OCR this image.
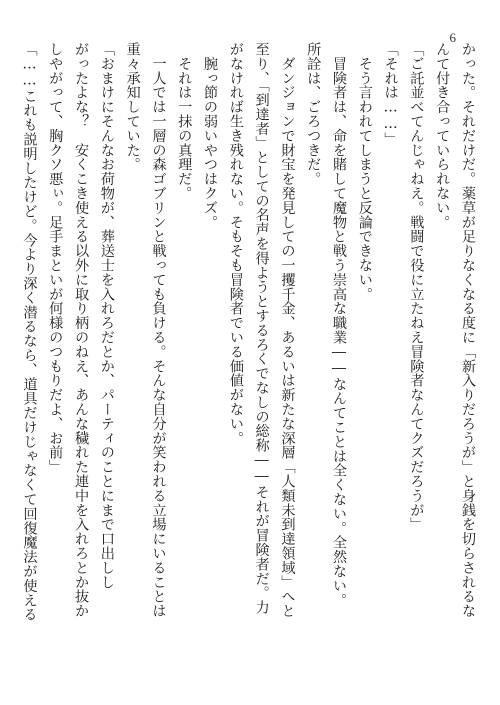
6
かった。それだけだ。薬草が足りなくなる度に「新入りだろうが」と身銭を切らされるな
んて付き合っていられない。
「ご託並べてんじゃねえ。戦闘で役に立たねえ冒険者なんてクズだろうが」
「それは……」
　そう言われてしまうと反論できない。
　冒険者は、命を賭して魔物と戦う崇高な職業――なんてことは全くない。全然ない。
所詮は、ごろつきだ。
　ダンジョンで財宝を発見しての一攫千金、あるいは新たな深層「人類未到達領域」へと
至り、「到達者」としての名声を得ようとするろくでなしの総称――それが冒険者だ。力
がなければ生き残れない。そもそも冒険者でいる価値がない。
　腕っ節の弱いやつはクズ。
　それは一抹の真理だ。
　一人では一層の森ゴブリンと戦っても負ける。そんな自分が笑われる立場にいることは
重々承知していた。
「おまけにそんなお荷物が、葬送士を入れろだとか、パーティのことにまで口出しし
がったよな？　安くこき使える以外に取り柄のねえ、あんな穢れた連中を入れろとか抜か
しやがって、胸クソ悪ぃ。足手まといが何様のつもりだよ、お前」
「……これも説明したけど。今より深く潜るなら、道具だけじゃなくて回復魔法が使える
